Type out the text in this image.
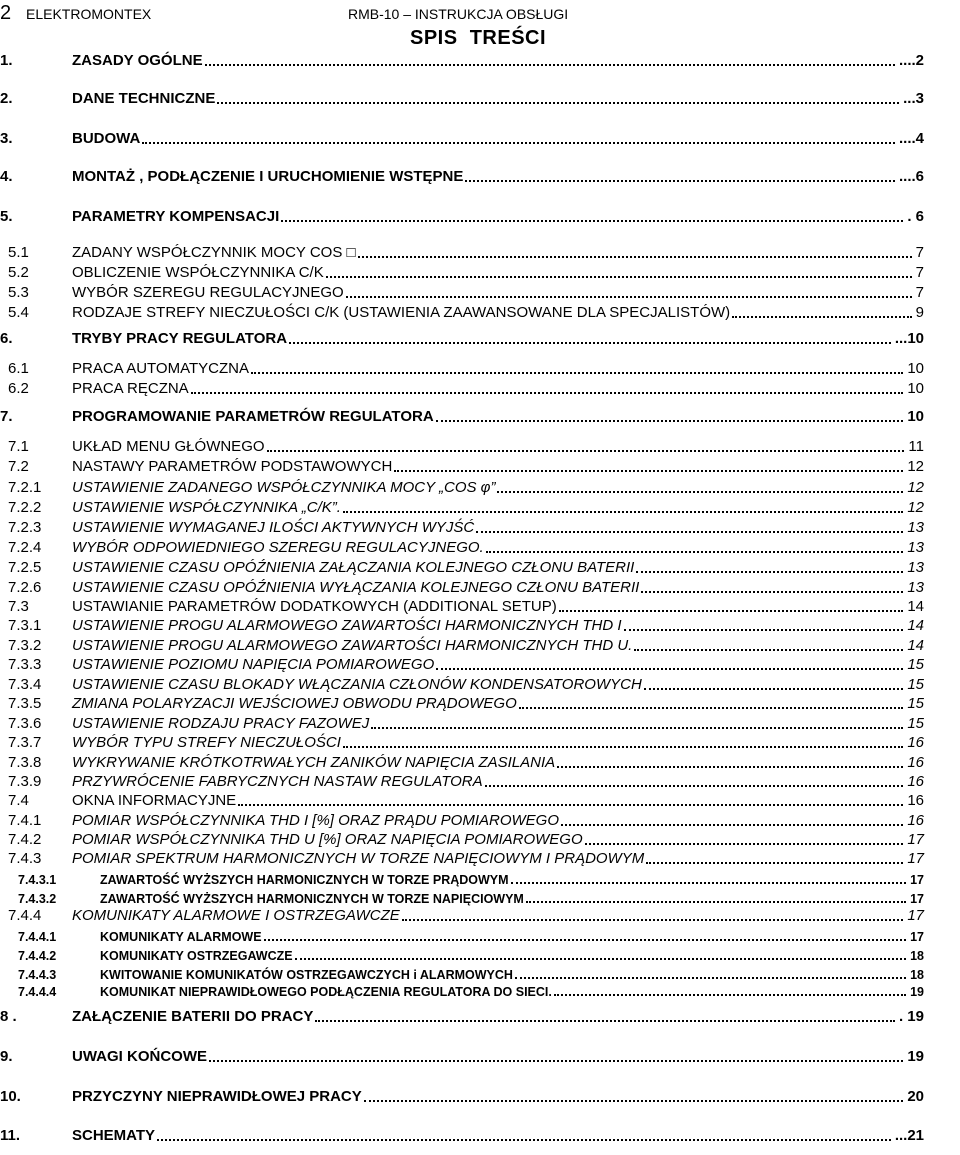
2 ELEKTROMONTEX	RMB-10 – INSTRUKCJA OBSŁUGI
SPIS  TREŚCI
1.	ZASADY OGÓLNE	....2
2.	DANE TECHNICZNE	...3
3.	BUDOWA	....4
4.	MONTAŻ , PODŁĄCZENIE I URUCHOMIENIE WSTĘPNE	....6
5.	PARAMETRY KOMPENSACJI	. 6
5.1	ZADANY WSPÓŁCZYNNIK MOCY COS □	7
5.2	OBLICZENIE WSPÓŁCZYNNIKA C/K	7
5.3	WYBÓR SZEREGU REGULACYJNEGO	7
5.4	RODZAJE STREFY NIECZUŁOŚCI C/K (USTAWIENIA ZAAWANSOWANE DLA SPECJALISTÓW)	9
6.	TRYBY PRACY REGULATORA	...10
6.1	PRACA AUTOMATYCZNA	10
6.2	PRACA RĘCZNA	10
7.	PROGRAMOWANIE PARAMETRÓW REGULATORA	10
7.1	UKŁAD MENU GŁÓWNEGO	11
7.2	NASTAWY PARAMETRÓW PODSTAWOWYCH	12
7.2.1 USTAWIENIE ZADANEGO WSPÓŁCZYNNIKA MOCY „COS φ”	12
7.2.2 USTAWIENIE WSPÓŁCZYNNIKA „C/K”.	12
7.2.3 USTAWIENIE WYMAGANEJ ILOŚCI AKTYWNYCH WYJŚĆ	13
7.2.4 WYBÓR ODPOWIEDNIEGO SZEREGU REGULACYJNEGO.	13
7.2.5 USTAWIENIE CZASU OPÓŹNIENIA ZAŁĄCZANIA KOLEJNEGO CZŁONU BATERII	13
7.2.6 USTAWIENIE CZASU OPÓŹNIENIA WYŁĄCZANIA KOLEJNEGO CZŁONU BATERII	13
7.3	USTAWIANIE PARAMETRÓW DODATKOWYCH (ADDITIONAL SETUP)	14
7.3.1 USTAWIENIE PROGU ALARMOWEGO ZAWARTOŚCI HARMONICZNYCH THD I	14
7.3.2 USTAWIENIE PROGU ALARMOWEGO ZAWARTOŚCI HARMONICZNYCH THD U.	14
7.3.3 USTAWIENIE POZIOMU NAPIĘCIA POMIAROWEGO	15
7.3.4 USTAWIENIE CZASU BLOKADY WŁĄCZANIA CZŁONÓW KONDENSATOROWYCH	15
7.3.5 ZMIANA POLARYZACJI WEJŚCIOWEJ OBWODU PRĄDOWEGO	15
7.3.6 USTAWIENIE RODZAJU PRACY FAZOWEJ	15
7.3.7 WYBÓR TYPU STREFY NIECZUŁOŚCI	16
7.3.8 WYKRYWANIE KRÓTKOTRWAŁYCH ZANIKÓW NAPIĘCIA ZASILANIA	16
7.3.9 PRZYWRÓCENIE FABRYCZNYCH NASTAW REGULATORA	16
7.4	OKNA INFORMACYJNE	16
7.4.1 POMIAR WSPÓŁCZYNNIKA THD I [%] ORAZ PRĄDU POMIAROWEGO	16
7.4.2 POMIAR WSPÓŁCZYNNIKA THD U [%] ORAZ NAPIĘCIA POMIAROWEGO	17
7.4.3 POMIAR SPEKTRUM HARMONICZNYCH W TORZE NAPIĘCIOWYM I PRĄDOWYM	17
7.4.3.1	ZAWARTOŚĆ WYŻSZYCH HARMONICZNYCH W TORZE PRĄDOWYM	17
7.4.3.2	ZAWARTOŚĆ WYŻSZYCH HARMONICZNYCH W TORZE NAPIĘCIOWYM	17
7.4.4 KOMUNIKATY ALARMOWE I OSTRZEGAWCZE	17
7.4.4.1	KOMUNIKATY ALARMOWE	17
7.4.4.2	KOMUNIKATY OSTRZEGAWCZE	18
7.4.4.3	KWITOWANIE KOMUNIKATÓW OSTRZEGAWCZYCH i ALARMOWYCH	18
7.4.4.4	KOMUNIKAT NIEPRAWIDŁOWEGO PODŁĄCZENIA REGULATORA DO SIECI.	19
8 .	ZAŁĄCZENIE BATERII DO PRACY	. 19
9.	UWAGI KOŃCOWE	19
10.	PRZYCZYNY NIEPRAWIDŁOWEJ PRACY	20
11.	SCHEMATY	...21
